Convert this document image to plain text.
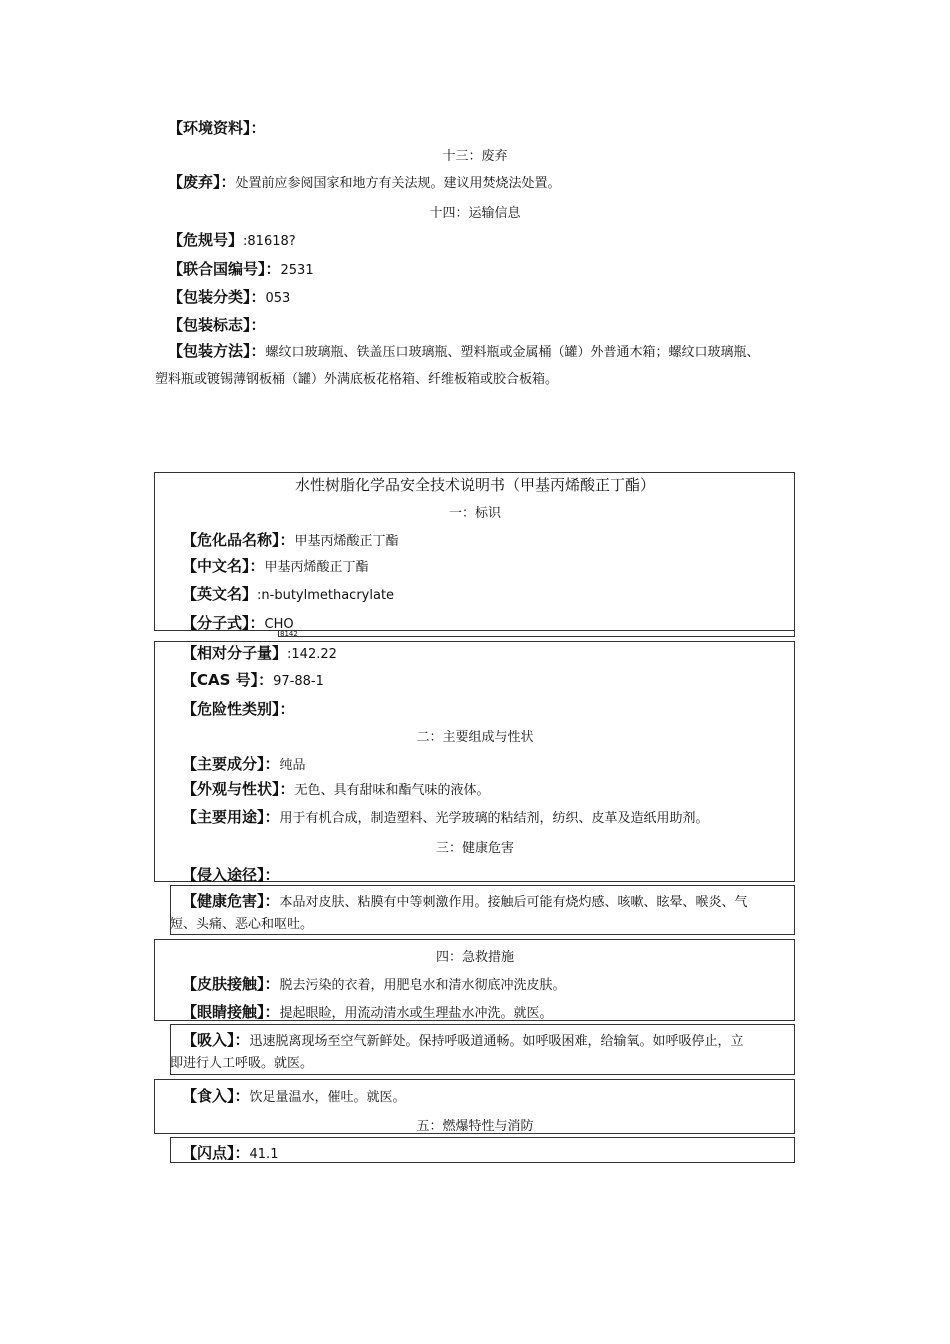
【环境资料】：
十三：废弃
【废弃】：处置前应参阅国家和地方有关法规。建议用焚烧法处置。
十四：运输信息
【危规号】:81618?
【联合国编号】：2531
【包装分类】：053
【包装标志】：
【包装方法】：螺纹口玻璃瓶、铁盖压口玻璃瓶、塑料瓶或金属桶（罐）外普通木箱；螺纹口玻璃瓶、
塑料瓶或镀锡薄钢板桶（罐）外满底板花格箱、纤维板箱或胶合板箱。
水性树脂化学品安全技术说明书（甲基丙烯酸正丁酯）
一：标识
【危化品名称】：甲基丙烯酸正丁酯
【中文名】：甲基丙烯酸正丁酯
【英文名】:n-butylmethacrylate
【分子式】：CHO
8142
【相对分子量】:142.22
【CAS 号】：97-88-1
【危险性类别】：
二：主要组成与性状
【主要成分】：纯品
【外观与性状】：无色、具有甜味和酯气味的液体。
【主要用途】：用于有机合成，制造塑料、光学玻璃的粘结剂，纺织、皮革及造纸用助剂。
三：健康危害
【侵入途径】：
【健康危害】：本品对皮肤、粘膜有中等刺激作用。接触后可能有烧灼感、咳嗽、眩晕、喉炎、气
短、头痛、恶心和呕吐。
四：急救措施
【皮肤接触】：脱去污染的衣着，用肥皂水和清水彻底冲洗皮肤。
【眼睛接触】：提起眼睑，用流动清水或生理盐水冲洗。就医。
【吸入】：迅速脱离现场至空气新鲜处。保持呼吸道通畅。如呼吸困难，给输氧。如呼吸停止，立
即进行人工呼吸。就医。
【食入】：饮足量温水，催吐。就医。
五：燃爆特性与消防
【闪点】：41.1
